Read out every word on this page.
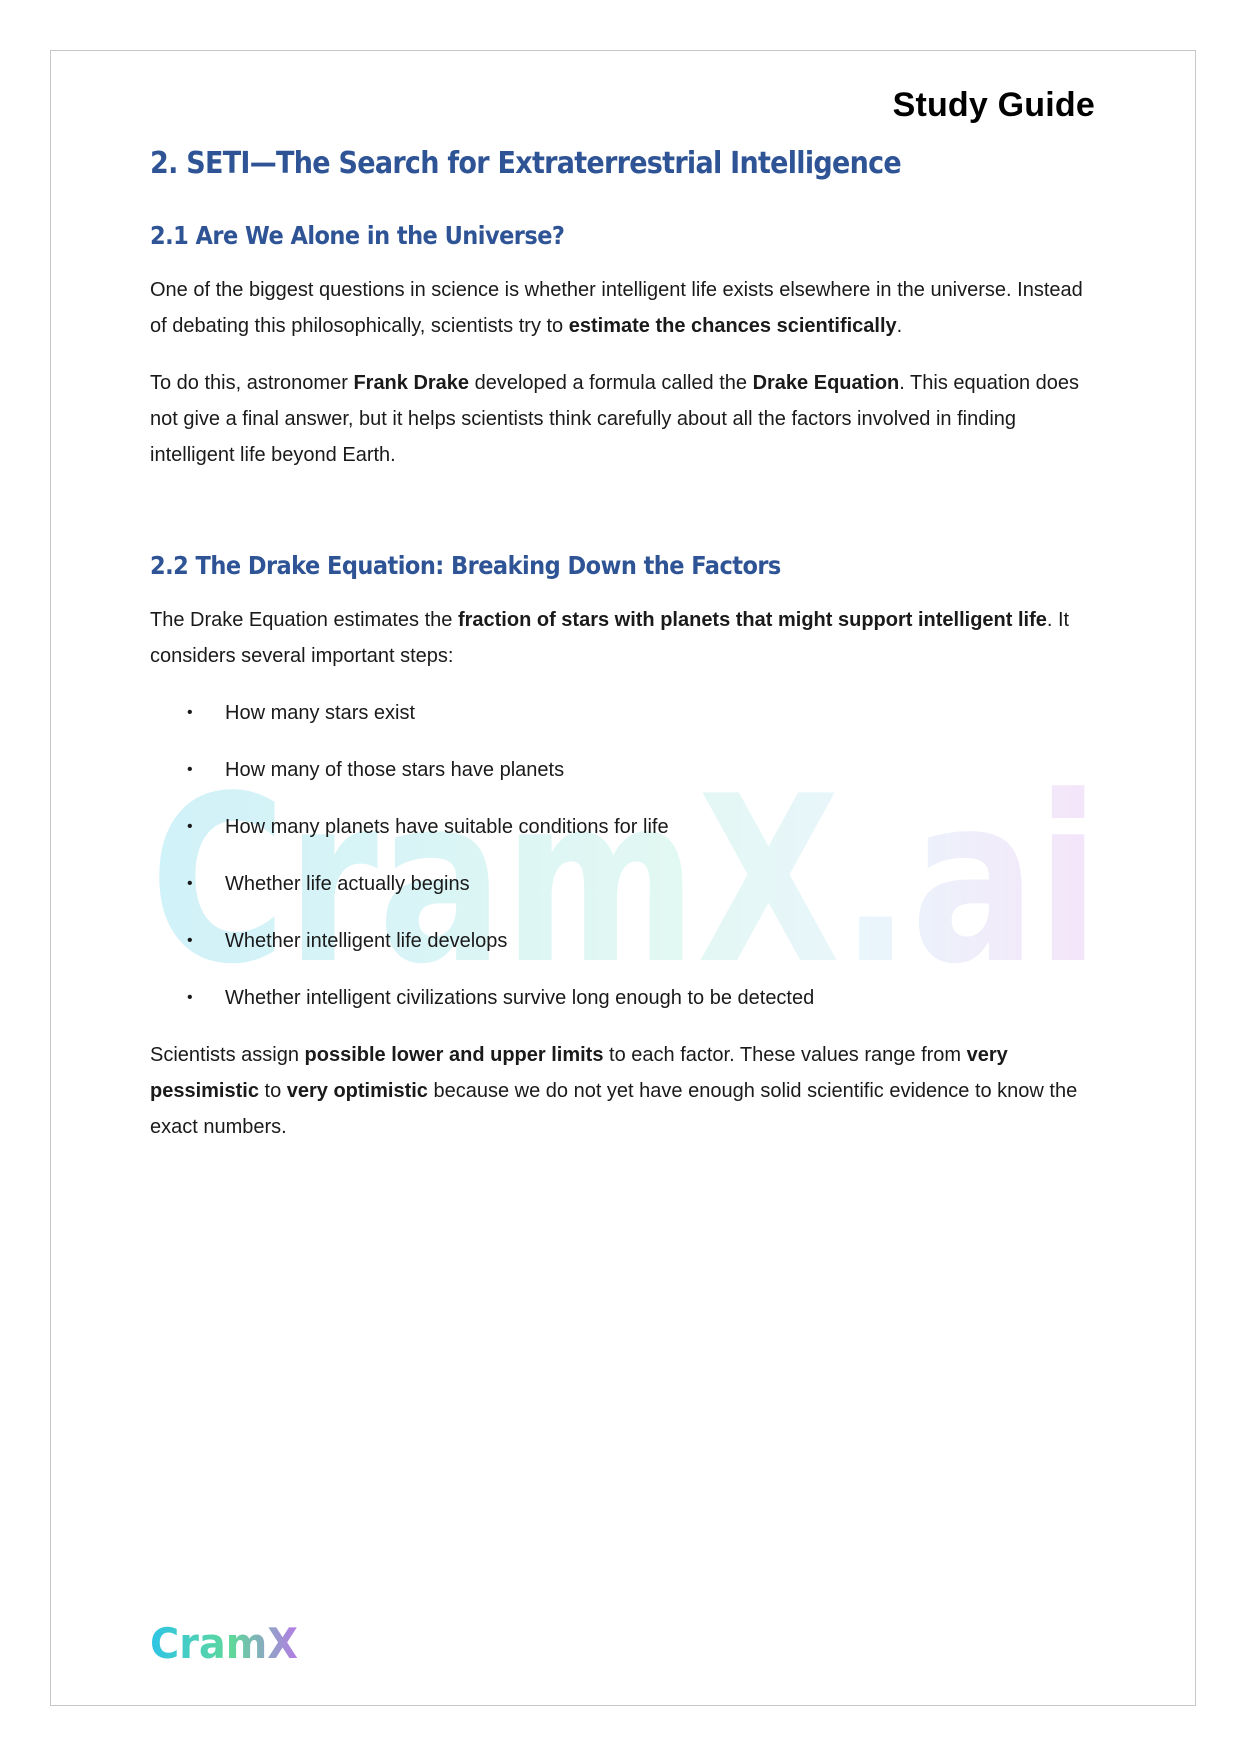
Study Guide
CramX.ai
2. SETI—The Search for Extraterrestrial Intelligence
2.1 Are We Alone in the Universe?

One of the biggest questions in science is whether intelligent life exists elsewhere in the universe. Instead of debating this philosophically, scientists try to estimate the chances scientifically.

To do this, astronomer Frank Drake developed a formula called the Drake Equation. This equation does not give a final answer, but it helps scientists think carefully about all the factors involved in finding intelligent life beyond Earth.

2.2 The Drake Equation: Breaking Down the Factors

The Drake Equation estimates the fraction of stars with planets that might support intelligent life. It considers several important steps:

• How many stars exist
• How many of those stars have planets
• How many planets have suitable conditions for life
• Whether life actually begins
• Whether intelligent life develops
• Whether intelligent civilizations survive long enough to be detected

Scientists assign possible lower and upper limits to each factor. These values range from very pessimistic to very optimistic because we do not yet have enough solid scientific evidence to know the exact numbers.

CramX
